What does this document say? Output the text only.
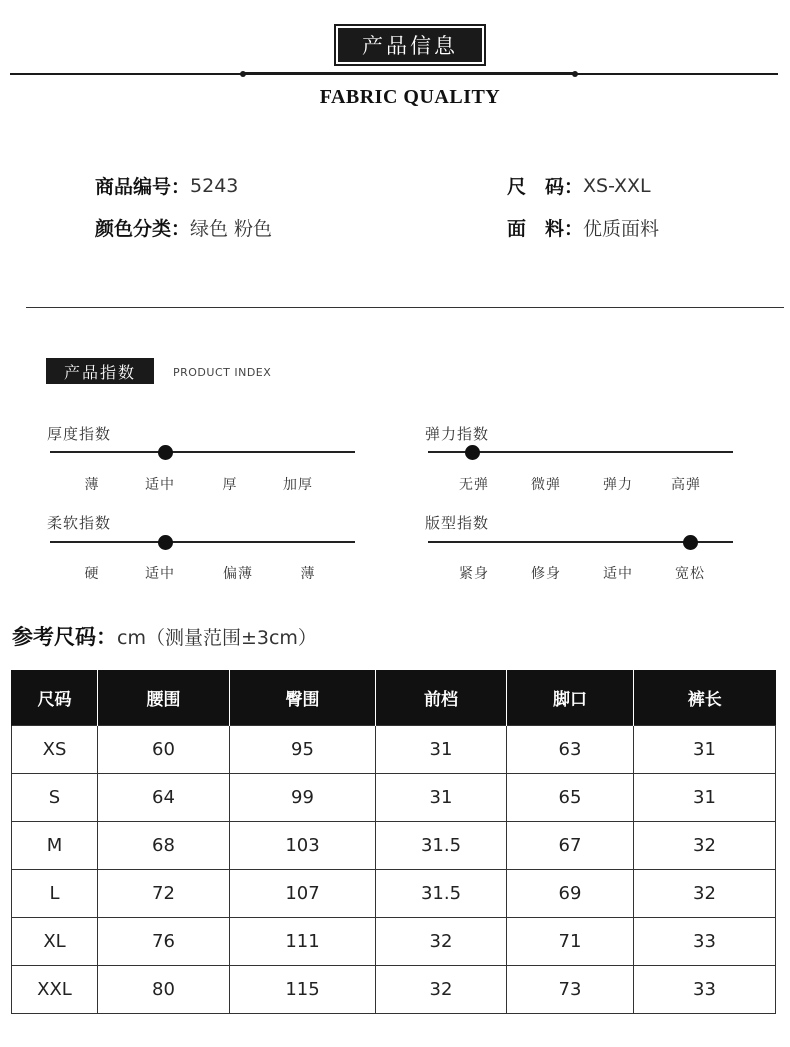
产品信息
FABRIC QUALITY
商品编号： 5243	尺　码： XS-XXL
颜色分类： 绿色 粉色	面　料： 优质面料
产品指数	PRODUCT INDEX
厚度指数
薄	适中	厚	加厚
弹力指数
无弹	微弹	弹力	高弹
柔软指数
硬	适中	偏薄	薄
版型指数
紧身	修身	适中	宽松
参考尺码： cm（测量范围±3cm）
尺码	腰围	臀围	前档	脚口	裤长
XS	60	95	31	63	31
S	64	99	31	65	31
M	68	103	31.5	67	32
L	72	107	31.5	69	32
XL	76	111	32	71	33
XXL	80	115	32	73	33
